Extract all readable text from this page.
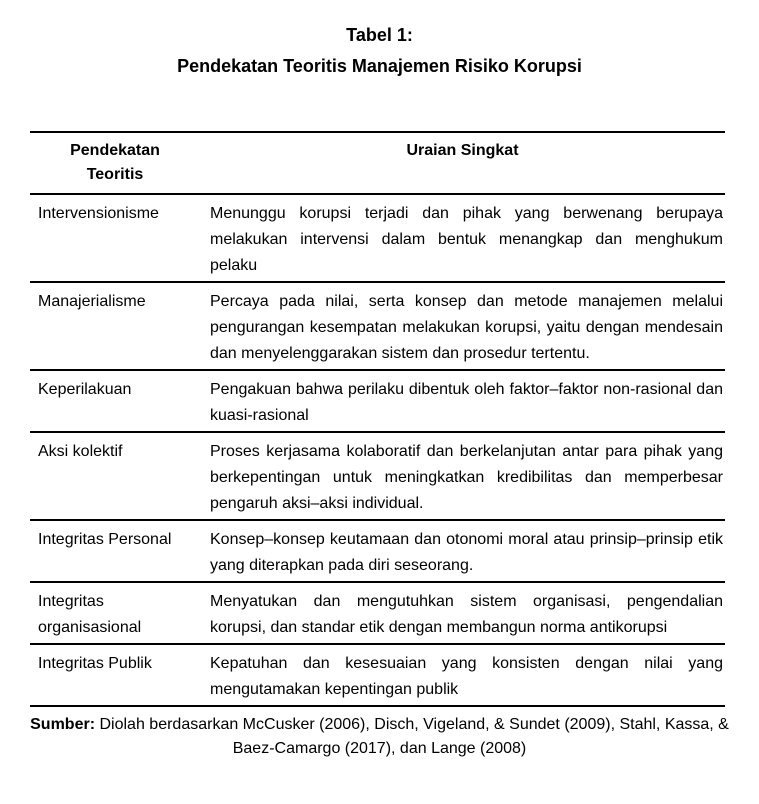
Tabel 1:
Pendekatan Teoritis Manajemen Risiko Korupsi
Pendekatan Teoritis	Uraian Singkat
Intervensionisme	Menunggu korupsi terjadi dan pihak yang berwenang berupaya melakukan intervensi dalam bentuk menangkap dan menghukum pelaku
Manajerialisme	Percaya pada nilai, serta konsep dan metode manajemen melalui pengurangan kesempatan melakukan korupsi, yaitu dengan mendesain dan menyelenggarakan sistem dan prosedur tertentu.
Keperilakuan	Pengakuan bahwa perilaku dibentuk oleh faktor–faktor non-rasional dan kuasi-rasional
Aksi kolektif	Proses kerjasama kolaboratif dan berkelanjutan antar para pihak yang berkepentingan untuk meningkatkan kredibilitas dan memperbesar pengaruh aksi–aksi individual.
Integritas Personal	Konsep–konsep keutamaan dan otonomi moral atau prinsip–prinsip etik yang diterapkan pada diri seseorang.
Integritas organisasional	Menyatukan dan mengutuhkan sistem organisasi, pengendalian korupsi, dan standar etik dengan membangun norma antikorupsi
Integritas Publik	Kepatuhan dan kesesuaian yang konsisten dengan nilai yang mengutamakan kepentingan publik
Sumber: Diolah berdasarkan McCusker (2006), Disch, Vigeland, & Sundet (2009), Stahl, Kassa, & Baez-Camargo (2017), dan Lange (2008)
